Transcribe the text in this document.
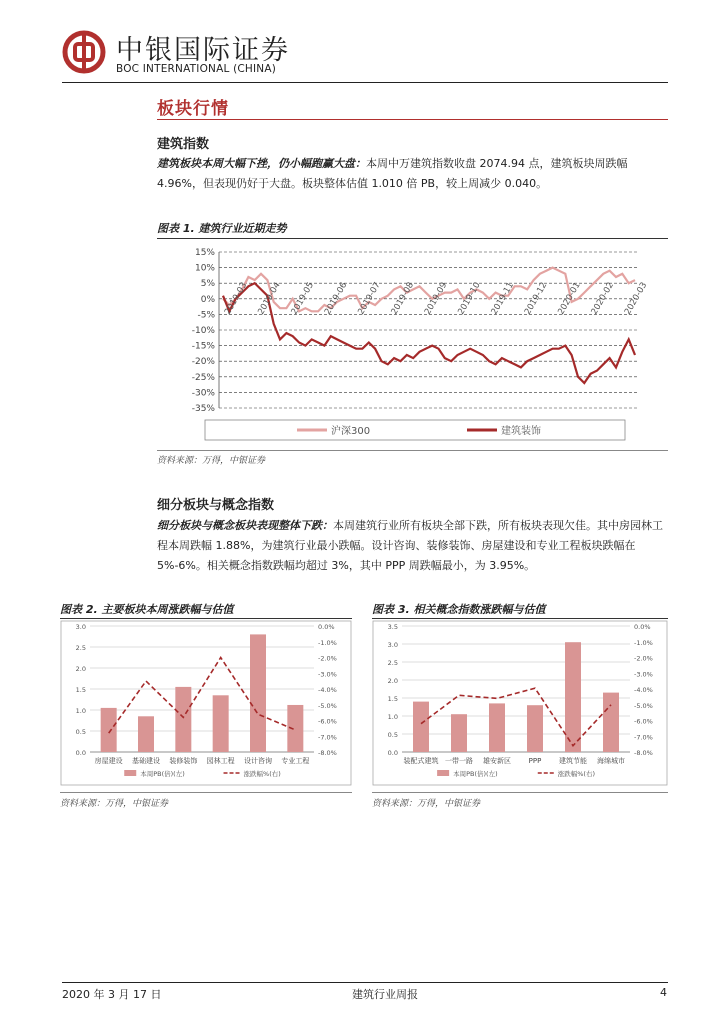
中银国际证券
BOC INTERNATIONAL (CHINA)
板块行情
建筑指数
建筑板块本周大幅下挫，仍小幅跑赢大盘：本周中万建筑指数收盘 2074.94 点，建筑板块周跌幅 4.96%，但表现仍好于大盘。板块整体估值 1.010 倍 PB，较上周减少 0.040。
图表 1. 建筑行业近期走势
15%
10%
5%
0%
-5%
-10%
-15%
-20%
-25%
-30%
-35%
2019-03 2019-04 2019-05 2019-06 2019-07 2019-08 2019-09 2019-10 2019-11 2019-12 2020-01 2020-02 2020-03
沪深300	建筑装饰
资料来源：万得，中银证券
细分板块与概念指数
细分板块与概念板块表现整体下跌：本周建筑行业所有板块全部下跌，所有板块表现欠佳。其中房园林工程本周跌幅 1.88%，为建筑行业最小跌幅。设计咨询、装修装饰、房屋建设和专业工程板块跌幅在 5%-6%。相关概念指数跌幅均超过 3%，其中 PPP 周跌幅最小，为 3.95%。
图表 2. 主要板块本周涨跌幅与估值
3.0
2.5
2.0
1.5
1.0
0.5
0.0
0.0%
-1.0%
-2.0%
-3.0%
-4.0%
-5.0%
-6.0%
-7.0%
-8.0%
房屋建设 基础建设 装修装饰 园林工程 设计咨询 专业工程
本周PB(倍)(左)	涨跌幅%(右)
资料来源：万得，中银证券
图表 3. 相关概念指数涨跌幅与估值
3.5
3.0
2.5
2.0
1.5
1.0
0.5
0.0
0.0%
-1.0%
-2.0%
-3.0%
-4.0%
-5.0%
-6.0%
-7.0%
-8.0%
装配式建筑 一带一路 雄安新区	PPP	建筑节能 海绵城市
本周PB(倍)(左)	涨跌幅%(右)
资料来源：万得，中银证券
2020 年 3 月 17 日	建筑行业周报	4
